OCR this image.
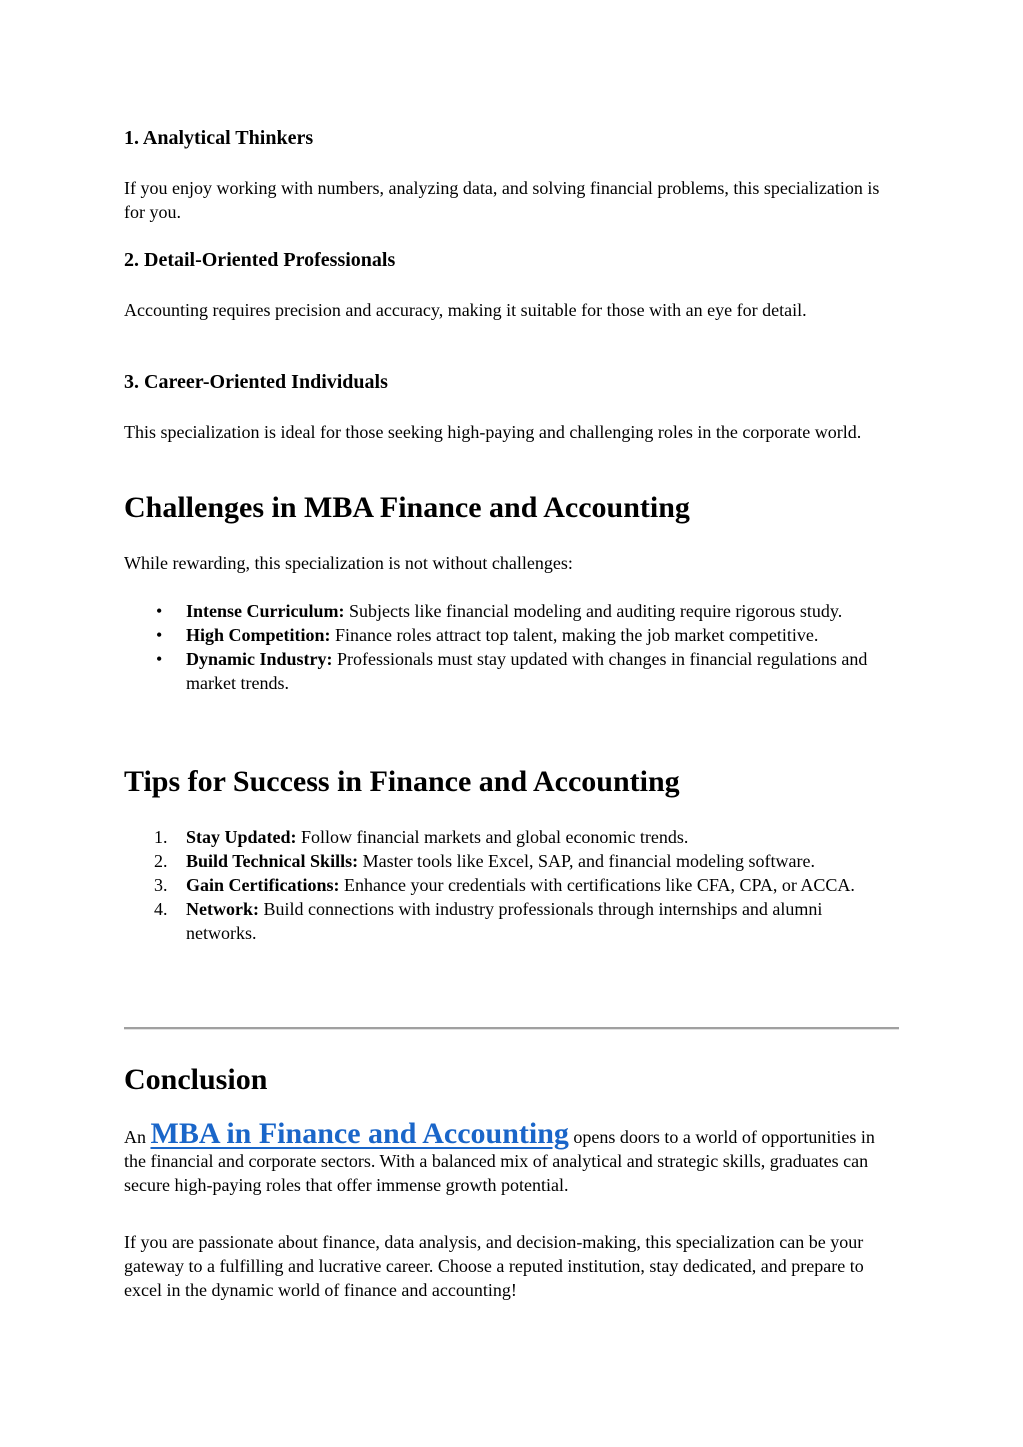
1. Analytical Thinkers

If you enjoy working with numbers, analyzing data, and solving financial problems, this specialization is for you.

2. Detail-Oriented Professionals

Accounting requires precision and accuracy, making it suitable for those with an eye for detail.

3. Career-Oriented Individuals

This specialization is ideal for those seeking high-paying and challenging roles in the corporate world.

Challenges in MBA Finance and Accounting

While rewarding, this specialization is not without challenges:

• Intense Curriculum: Subjects like financial modeling and auditing require rigorous study.
• High Competition: Finance roles attract top talent, making the job market competitive.
• Dynamic Industry: Professionals must stay updated with changes in financial regulations and market trends.
Tips for Success in Finance and Accounting
1. Stay Updated: Follow financial markets and global economic trends.
2. Build Technical Skills: Master tools like Excel, SAP, and financial modeling software.
3. Gain Certifications: Enhance your credentials with certifications like CFA, CPA, or ACCA.
4. Network: Build connections with industry professionals through internships and alumni networks.
Conclusion

An MBA in Finance and Accounting opens doors to a world of opportunities in the financial and corporate sectors. With a balanced mix of analytical and strategic skills, graduates can secure high-paying roles that offer immense growth potential.

If you are passionate about finance, data analysis, and decision-making, this specialization can be your gateway to a fulfilling and lucrative career. Choose a reputed institution, stay dedicated, and prepare to excel in the dynamic world of finance and accounting!
